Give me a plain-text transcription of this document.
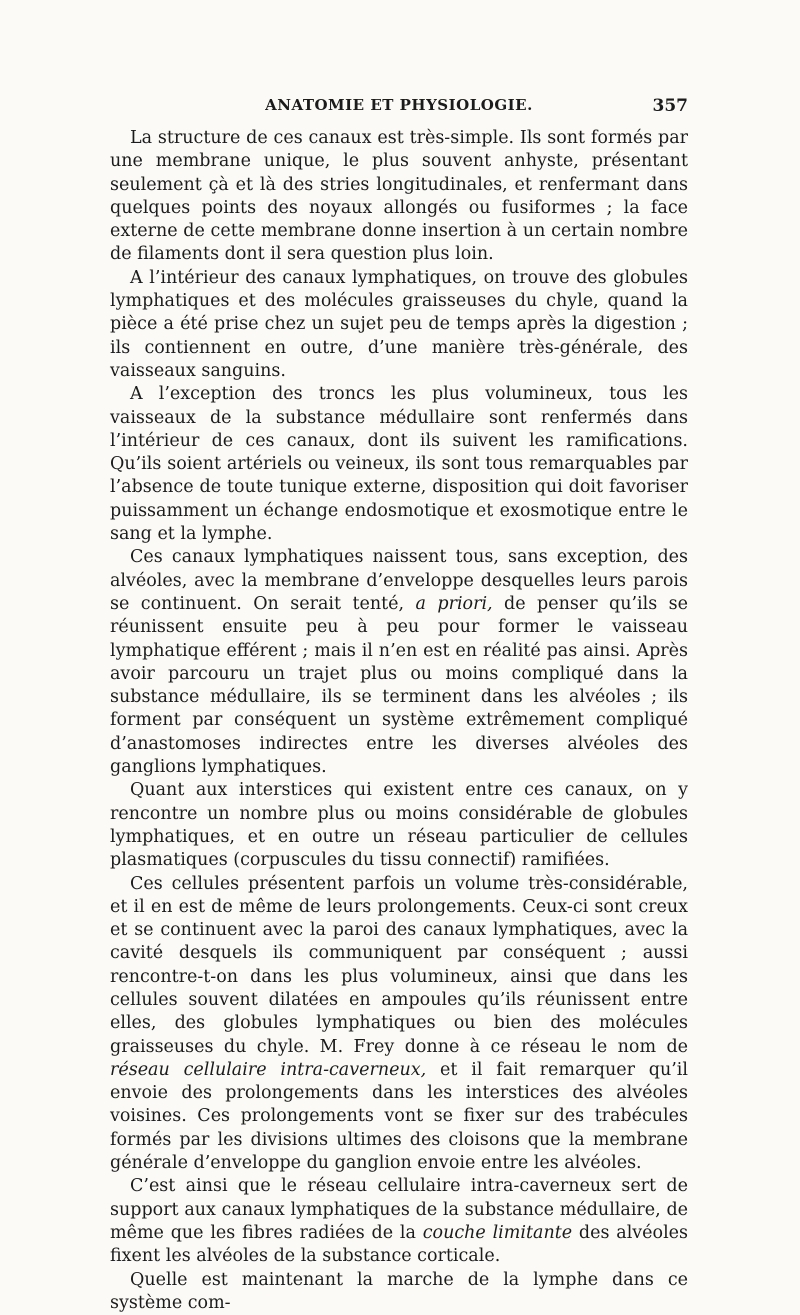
ANATOMIE ET PHYSIOLOGIE.	357

La structure de ces canaux est très-simple. Ils sont formés par une membrane unique, le plus souvent anhyste, présentant seulement çà et là des stries longitudinales, et renfermant dans quelques points des noyaux allongés ou fusiformes ; la face externe de cette membrane donne insertion à un certain nombre de filaments dont il sera question plus loin.

A l’intérieur des canaux lymphatiques, on trouve des globules lymphatiques et des molécules graisseuses du chyle, quand la pièce a été prise chez un sujet peu de temps après la digestion ; ils contiennent en outre, d’une manière très-générale, des vaisseaux sanguins.

A l’exception des troncs les plus volumineux, tous les vaisseaux de la substance médullaire sont renfermés dans l’intérieur de ces canaux, dont ils suivent les ramifications. Qu’ils soient artériels ou veineux, ils sont tous remarquables par l’absence de toute tunique externe, disposition qui doit favoriser puissamment un échange endosmotique et exosmotique entre le sang et la lymphe.

Ces canaux lymphatiques naissent tous, sans exception, des alvéoles, avec la membrane d’enveloppe desquelles leurs parois se continuent. On serait tenté, a priori, de penser qu’ils se réunissent ensuite peu à peu pour former le vaisseau lymphatique efférent ; mais il n’en est en réalité pas ainsi. Après avoir parcouru un trajet plus ou moins compliqué dans la substance médullaire, ils se terminent dans les alvéoles ; ils forment par conséquent un système extrêmement compliqué d’anastomoses indirectes entre les diverses alvéoles des ganglions lymphatiques.

Quant aux interstices qui existent entre ces canaux, on y rencontre un nombre plus ou moins considérable de globules lymphatiques, et en outre un réseau particulier de cellules plasmatiques (corpuscules du tissu connectif) ramifiées.

Ces cellules présentent parfois un volume très-considérable, et il en est de même de leurs prolongements. Ceux-ci sont creux et se continuent avec la paroi des canaux lymphatiques, avec la cavité desquels ils communiquent par conséquent ; aussi rencontre-t-on dans les plus volumineux, ainsi que dans les cellules souvent dilatées en ampoules qu’ils réunissent entre elles, des globules lymphatiques ou bien des molécules graisseuses du chyle. M. Frey donne à ce réseau le nom de réseau cellulaire intra-caverneux, et il fait remarquer qu’il envoie des prolongements dans les interstices des alvéoles voisines. Ces prolongements vont se fixer sur des trabécules formés par les divisions ultimes des cloisons que la membrane générale d’enveloppe du ganglion envoie entre les alvéoles.

C’est ainsi que le réseau cellulaire intra-caverneux sert de support aux canaux lymphatiques de la substance médullaire, de même que les fibres radiées de la couche limitante des alvéoles fixent les alvéoles de la substance corticale.

Quelle est maintenant la marche de la lymphe dans ce système com-
